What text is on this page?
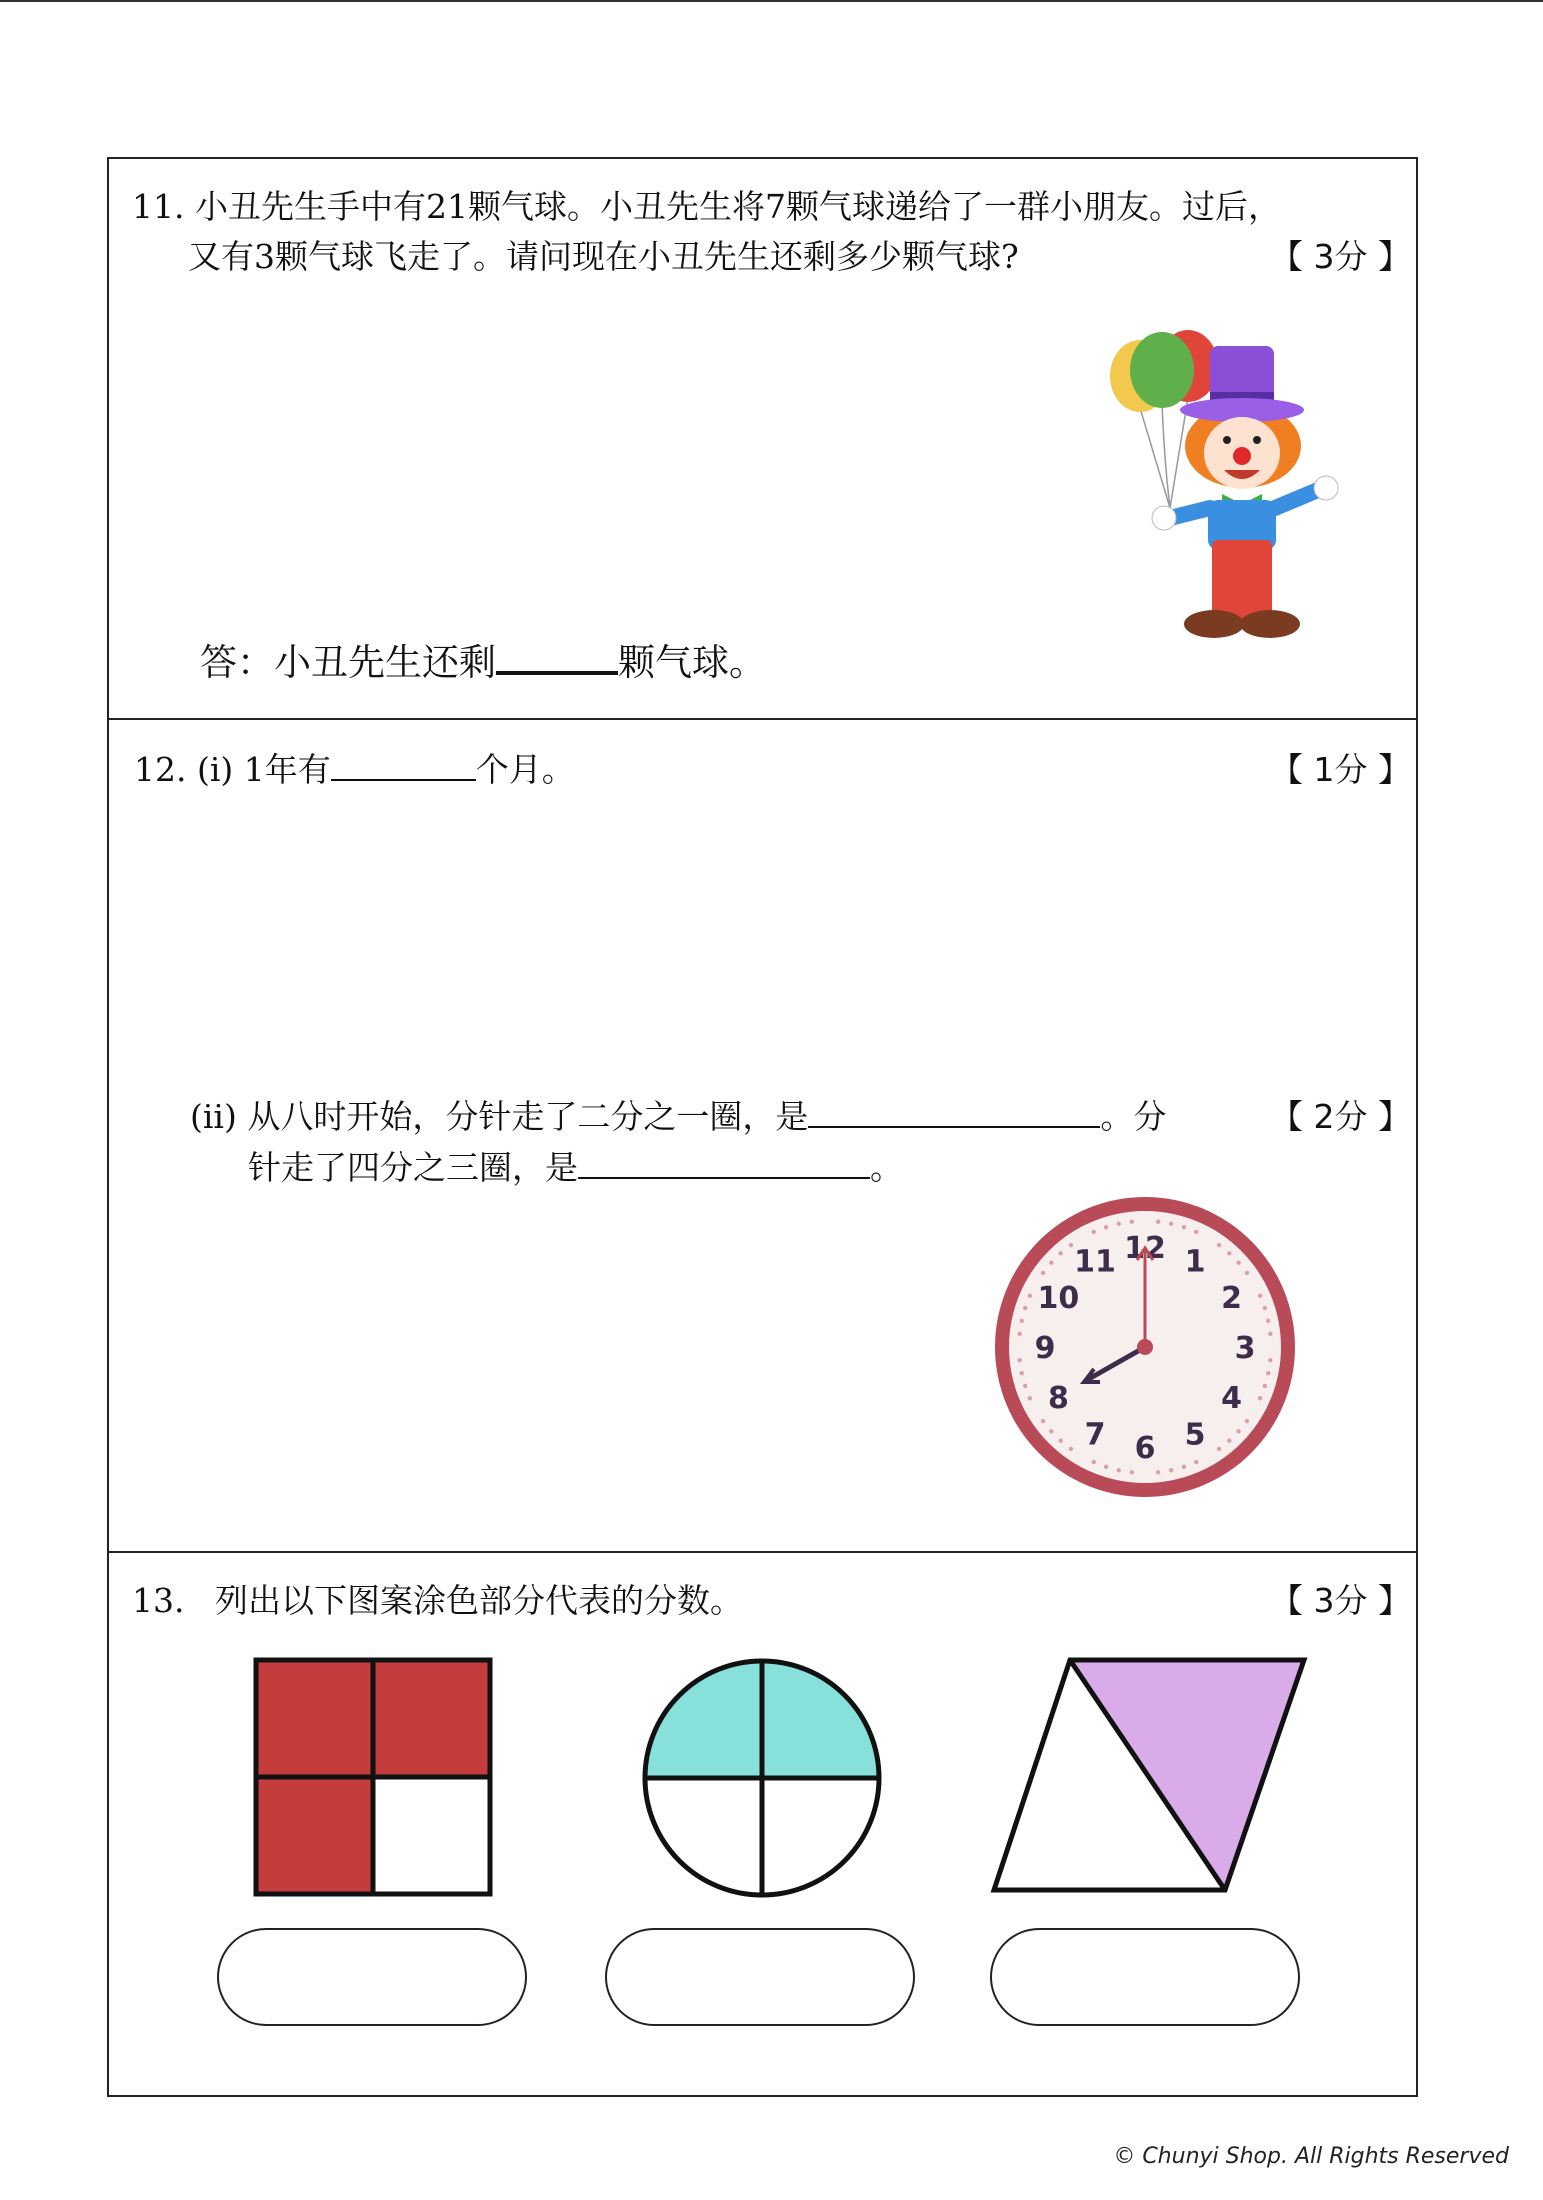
11. 小丑先生手中有21颗气球。小丑先生将7颗气球递给了一群小朋友。过后，
又有3颗气球飞走了。请问现在小丑先生还剩多少颗气球?	【 3分 】
答：小丑先生还剩	颗气球。
12. (i) 1年有	个月。	【 1分 】
(ii) 从八时开始，分针走了二分之一圈，是	。分	【 2分 】
针走了四分之三圈，是	。
12 1
2
3
4
5
6
7
8
9
10
11
13. 列出以下图案涂色部分代表的分数。	【 3分 】
© Chunyi Shop. All Rights Reserved
